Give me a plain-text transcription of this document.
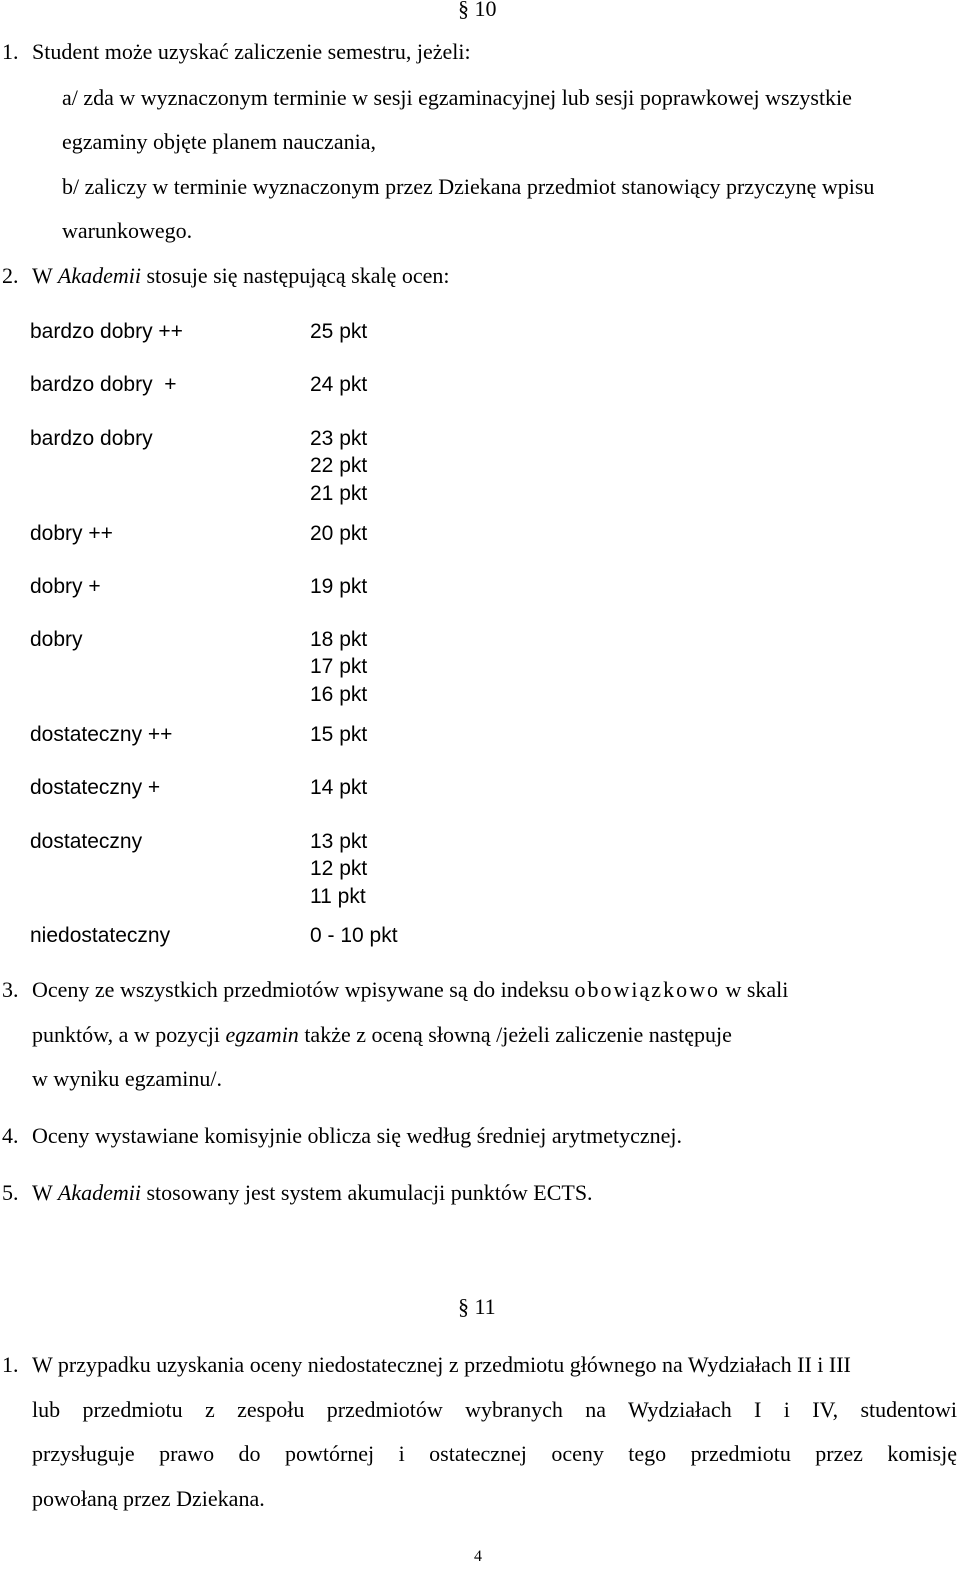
§ 10
1. Student może uzyskać zaliczenie semestru, jeżeli:
a/ zda w wyznaczonym terminie w sesji egzaminacyjnej lub sesji poprawkowej wszystkie
egzaminy objęte planem nauczania,
b/ zaliczy w terminie wyznaczonym przez Dziekana przedmiot stanowiący przyczynę wpisu
warunkowego.
2. W Akademii stosuje się następującą skalę ocen:
bardzo dobry ++	25 pkt
bardzo dobry  +	24 pkt
bardzo dobry	23 pkt
22 pkt
21 pkt
dobry ++	20 pkt
dobry +	19 pkt
dobry	18 pkt
17 pkt
16 pkt
dostateczny ++	15 pkt
dostateczny +	14 pkt
dostateczny	13 pkt
12 pkt
11 pkt
niedostateczny	0 - 10 pkt
3. Oceny ze wszystkich przedmiotów wpisywane są do indeksu obowiązkowo w skali
punktów, a w pozycji egzamin także z oceną słowną /jeżeli zaliczenie następuje
w wyniku egzaminu/.
4. Oceny wystawiane komisyjnie oblicza się według średniej arytmetycznej.
5. W Akademii stosowany jest system akumulacji punktów ECTS.
§ 11
1. W przypadku uzyskania oceny niedostatecznej z przedmiotu głównego na Wydziałach II i III
lub przedmiotu z zespołu przedmiotów wybranych na Wydziałach I i IV, studentowi
przysługuje prawo do powtórnej i ostatecznej oceny tego przedmiotu przez komisję
powołaną przez Dziekana.
4
